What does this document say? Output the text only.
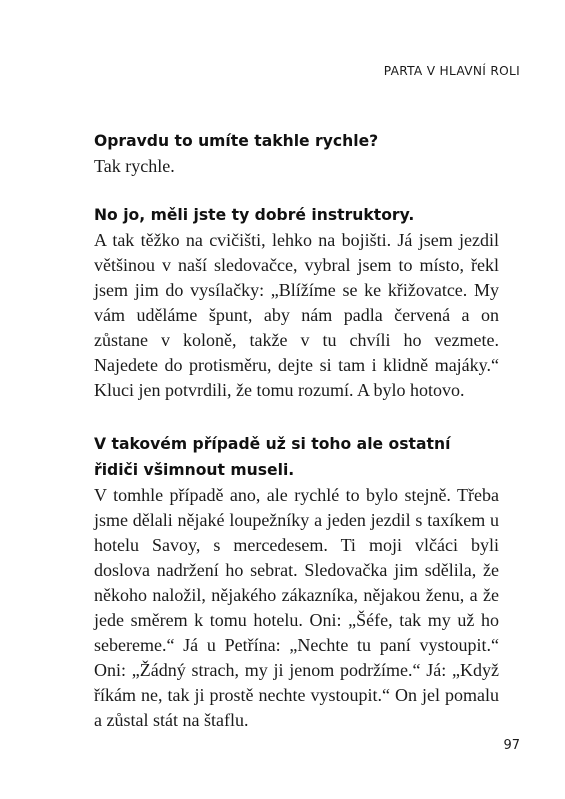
PARTA V HLAVNÍ ROLI

Opravdu to umíte takhle rychle?

Tak rychle.

No jo, měli jste ty dobré instruktory.

A tak těžko na cvičišti, lehko na bojišti. Já jsem jezdil většinou v naší sledovačce, vybral jsem to místo, řekl jsem jim do vysílačky: „Blížíme se ke křižovatce. My vám uděláme špunt, aby nám padla červená a on zůstane v koloně, takže v tu chvíli ho vezmete. Najedete do protisměru, dejte si tam i klidně majáky.“ Kluci jen potvrdili, že tomu rozumí. A bylo hotovo.

V takovém případě už si toho ale ostatní řidiči všimnout museli.

V tomhle případě ano, ale rychlé to bylo stejně. Třeba jsme dělali nějaké loupežníky a jeden jezdil s taxíkem u hotelu Savoy, s mercedesem. Ti moji vlčáci byli doslova nadržení ho sebrat. Sledovačka jim sdělila, že někoho naložil, nějakého zákazníka, nějakou ženu, a že jede směrem k tomu hotelu. Oni: „Šéfe, tak my už ho sebereme.“ Já u Petřína: „Nechte tu paní vystoupit.“ Oni: „Žádný strach, my ji jenom podržíme.“ Já: „Když říkám ne, tak ji prostě nechte vystoupit.“ On jel pomalu a zůstal stát na štaflu.

97
